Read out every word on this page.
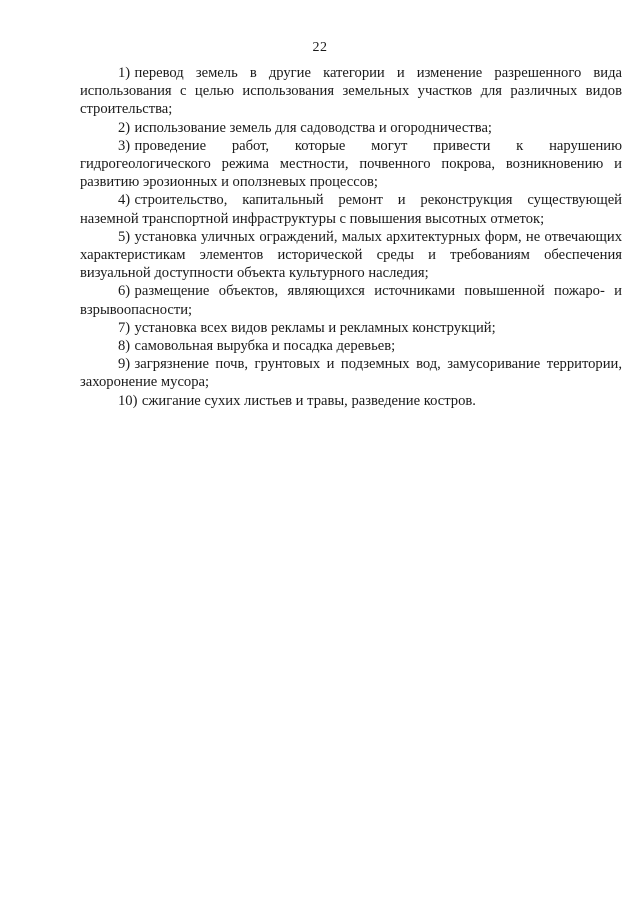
22

1) перевод земель в другие категории и изменение разрешенного вида использования с целью использования земельных участков для различных видов строительства;

2) использование земель для садоводства и огородничества;

3) проведение работ, которые могут привести к нарушению гидрогеологического режима местности, почвенного покрова, возникновению и развитию эрозионных и оползневых процессов;

4) строительство, капитальный ремонт и реконструкция существующей наземной транспортной инфраструктуры с повышения высотных отметок;

5) установка уличных ограждений, малых архитектурных форм, не отвечающих характеристикам элементов исторической среды и требованиям обеспечения визуальной доступности объекта культурного наследия;

6) размещение объектов, являющихся источниками повышенной пожаро- и взрывоопасности;

7) установка всех видов рекламы и рекламных конструкций;

8) самовольная вырубка и посадка деревьев;

9) загрязнение почв, грунтовых и подземных вод, замусоривание территории, захоронение мусора;

10) сжигание сухих листьев и травы, разведение костров.
